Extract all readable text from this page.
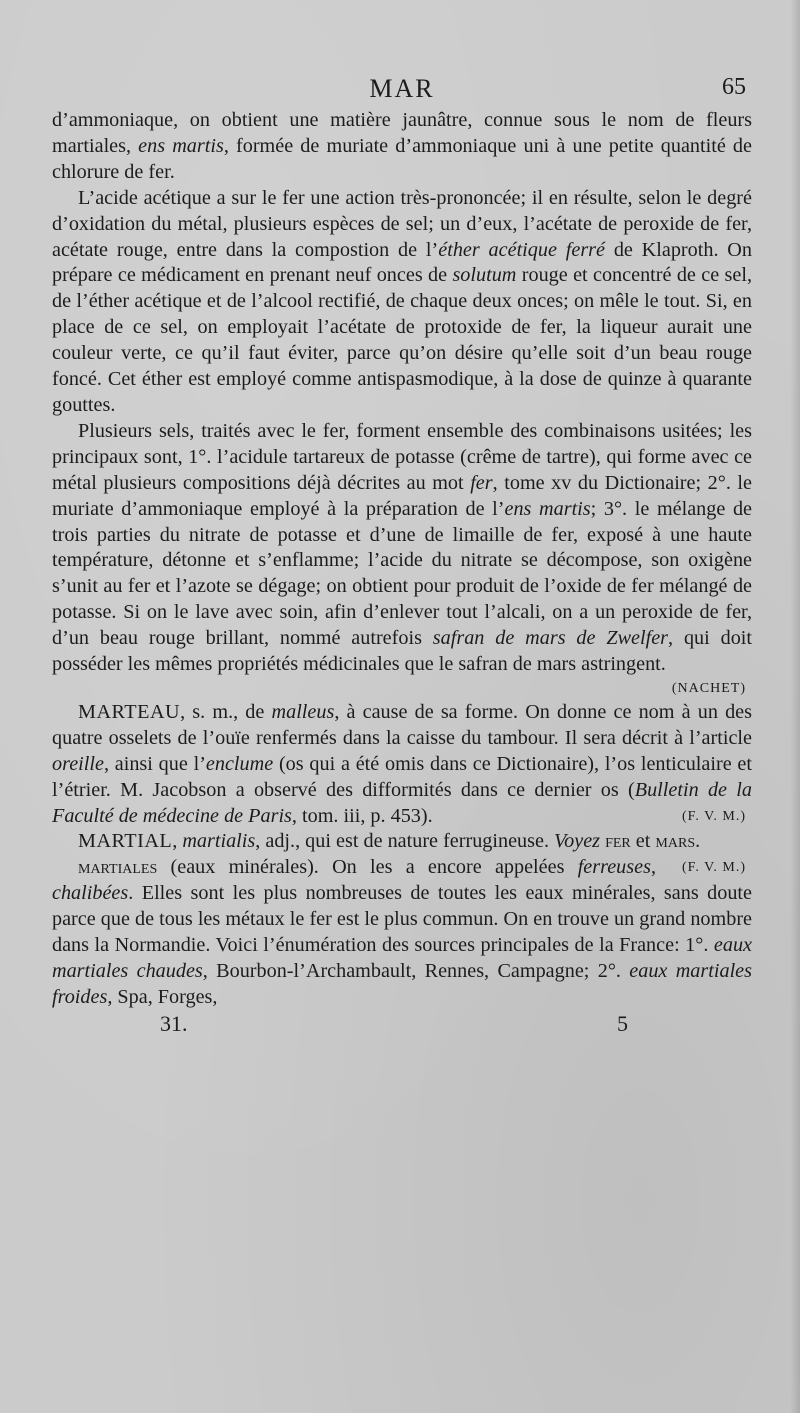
MAR	65

d’ammoniaque, on obtient une matière jaunâtre, connue sous le nom de fleurs martiales, ens martis, formée de muriate d’ammoniaque uni à une petite quantité de chlorure de fer.

L’acide acétique a sur le fer une action très-prononcée; il en résulte, selon le degré d’oxidation du métal, plusieurs espèces de sel; un d’eux, l’acétate de peroxide de fer, acétate rouge, entre dans la compostion de l’éther acétique ferré de Klaproth. On prépare ce médicament en prenant neuf onces de solutum rouge et concentré de ce sel, de l’éther acétique et de l’alcool rectifié, de chaque deux onces; on mêle le tout. Si, en place de ce sel, on employait l’acétate de protoxide de fer, la liqueur aurait une couleur verte, ce qu’il faut éviter, parce qu’on désire qu’elle soit d’un beau rouge foncé. Cet éther est employé comme antispasmodique, à la dose de quinze à quarante gouttes.

Plusieurs sels, traités avec le fer, forment ensemble des combinaisons usitées; les principaux sont, 1°. l’acidule tartareux de potasse (crême de tartre), qui forme avec ce métal plusieurs compositions déjà décrites au mot fer, tome xv du Dictionaire; 2°. le muriate d’ammoniaque employé à la préparation de l’ens martis; 3°. le mélange de trois parties du nitrate de potasse et d’une de limaille de fer, exposé à une haute température, détonne et s’enflamme; l’acide du nitrate se décompose, son oxigène s’unit au fer et l’azote se dégage; on obtient pour produit de l’oxide de fer mélangé de potasse. Si on le lave avec soin, afin d’enlever tout l’alcali, on a un peroxide de fer, d’un beau rouge brillant, nommé autrefois safran de mars de Zwelfer, qui doit posséder les mêmes propriétés médicinales que le safran de mars astringent.

(NACHET)

MARTEAU, s. m., de malleus, à cause de sa forme. On donne ce nom à un des quatre osselets de l’ouïe renfermés dans la caisse du tambour. Il sera décrit à l’article oreille, ainsi que l’enclume (os qui a été omis dans ce Dictionaire), l’os lenticulaire et l’étrier. M. Jacobson a observé des difformités dans ce dernier os (Bulletin de la Faculté de médecine de Paris, tom. iii, p. 453).	(F. V. M.)

MARTIAL, martialis, adj., qui est de nature ferrugineuse. Voyez fer et mars.
(F. V. M.)

martiales (eaux minérales). On les a encore appelées ferreuses, chalibées. Elles sont les plus nombreuses de toutes les eaux minérales, sans doute parce que de tous les métaux le fer est le plus commun. On en trouve un grand nombre dans la Normandie. Voici l’énumération des sources principales de la France: 1°. eaux martiales chaudes, Bourbon-l’Archambault, Rennes, Campagne; 2°. eaux martiales froides, Spa, Forges,

31.	5
